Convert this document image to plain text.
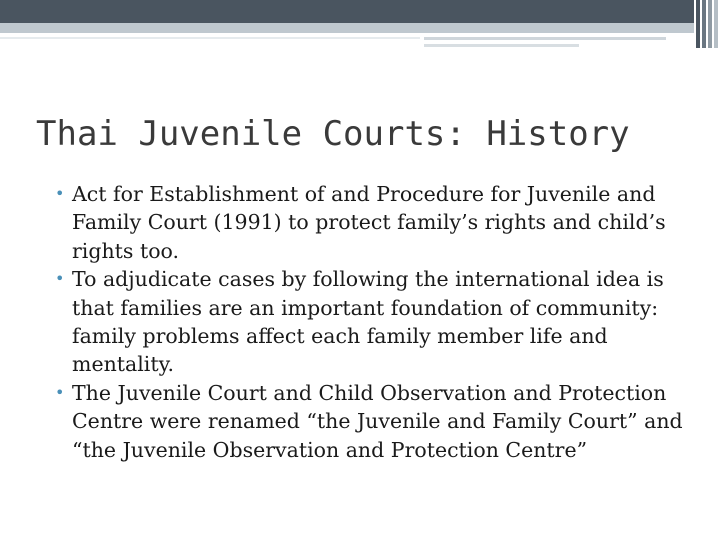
Thai Juvenile Courts: History
• Act for Establishment of and Procedure for Juvenile and Family Court (1991) to protect family’s rights and child’s rights too.
• To adjudicate cases by following the international idea is that families are an important foundation of community: family problems affect each family member life and mentality.
• The Juvenile Court and Child Observation and Protection Centre were renamed “the Juvenile and Family Court” and “the Juvenile Observation and Protection Centre”
